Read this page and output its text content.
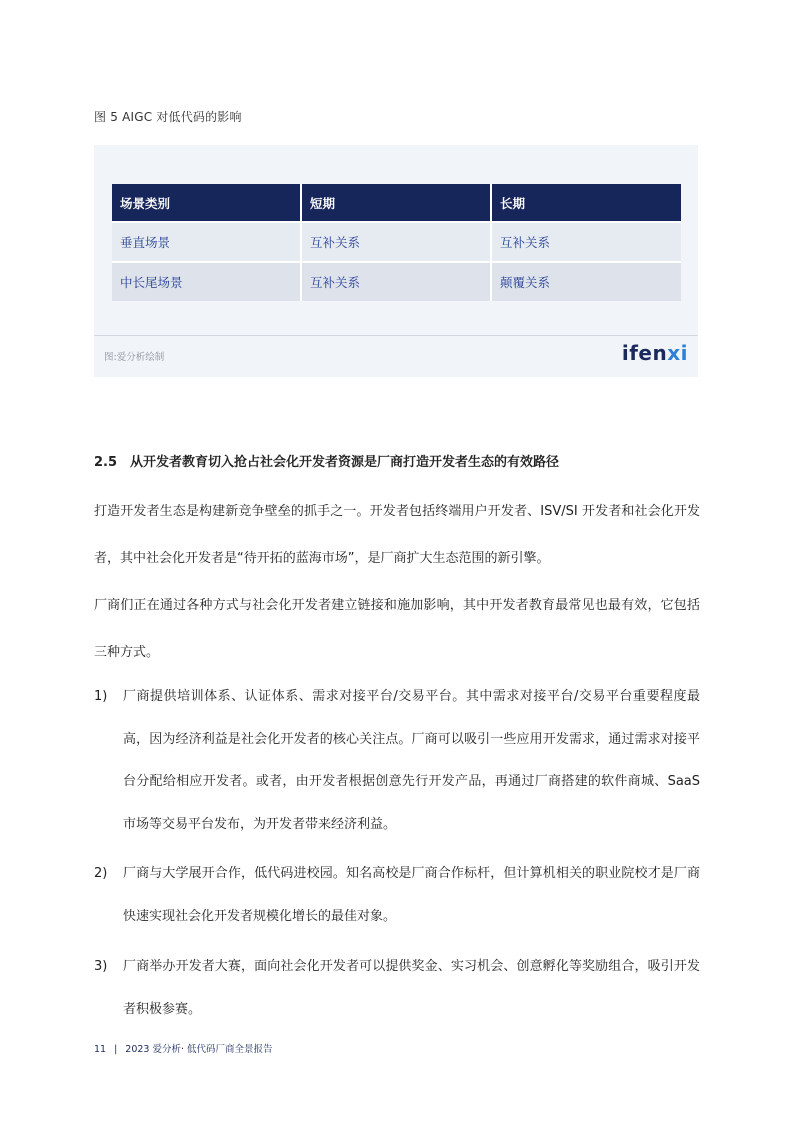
图 5 AIGC 对低代码的影响
场景类别	短期	长期
垂直场景	互补关系	互补关系
中长尾场景	互补关系	颠覆关系
图:爱分析绘制	ifenxi
2.5 从开发者教育切入抢占社会化开发者资源是厂商打造开发者生态的有效路径
打造开发者生态是构建新竞争壁垒的抓手之一。开发者包括终端用户开发者、ISV/SI 开发者和社会化开发者，其中社会化开发者是“待开拓的蓝海市场”，是厂商扩大生态范围的新引擎。
厂商们正在通过各种方式与社会化开发者建立链接和施加影响，其中开发者教育最常见也最有效，它包括三种方式。
1)	厂商提供培训体系、认证体系、需求对接平台/交易平台。其中需求对接平台/交易平台重要程度最高，因为经济利益是社会化开发者的核心关注点。厂商可以吸引一些应用开发需求，通过需求对接平台分配给相应开发者。或者，由开发者根据创意先行开发产品，再通过厂商搭建的软件商城、SaaS 市场等交易平台发布，为开发者带来经济利益。
2)	厂商与大学展开合作，低代码进校园。知名高校是厂商合作标杆，但计算机相关的职业院校才是厂商快速实现社会化开发者规模化增长的最佳对象。
3)	厂商举办开发者大赛，面向社会化开发者可以提供奖金、实习机会、创意孵化等奖励组合，吸引开发者积极参赛。
11 | 2023 爱分析· 低代码厂商全景报告
